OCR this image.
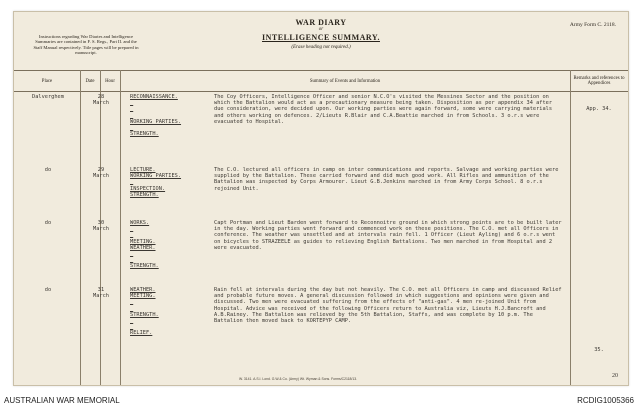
WAR DIARY
or
INTELLIGENCE SUMMARY.
(Erase heading not required.)
Army Form C. 2118.
Instructions regarding War Diaries and Intelligence Summaries are contained in F. S. Regs., Part II. and the Staff Manual respectively. Title pages will be prepared in manuscript.
Place	Date	Hour	Summary of Events and Information	Remarks and references to Appendices
Dalverghem	28 March
RECONNAISSANCE.

WORKING PARTIES.

STRENGTH.
The Coy Officers, Intelligence Officer and senior N.C.O's visited the Messines Sector and the position on which the Battalion would act as a precautionary measure being taken. Disposition as per appendix 34 after due consideration, were decided upon. Our working parties were again forward, some were carrying materials and others working on defences. 2/Lieuts R.Blair and C.A.Beattie marched in from Schools. 3 o.r.s were evacuated to Hospital.
App. 34.
do	29 March
LECTURE.
WORKING PARTIES.

INSPECTION.
STRENGTH.
The C.O. lectured all officers in camp on inter communications and reports. Salvage and working parties were supplied by the Battalion. These carried forward and did much good work. All Rifles and ammunition of the Battalion was inspected by Corps Armourer. Lieut G.B.Jenkins marched in from Army Corps School. 8 o.r.s rejoined Unit.
do	30 March
WORKS.

MEETING.
WEATHER.

STRENGTH.
Capt Portman and Lieut Barden went forward to Reconnoitre ground in which strong points are to be built later in the day. Working parties went forward and commenced work on these positions. The C.O. met all Officers in conference. The weather was unsettled and at intervals rain fell. 1 Officer (Lieut Ayling) and 6 o.r.s went on bicycles to STRAZEELE as guides to relieving English Battalions. Two men marched in from Hospital and 2 were evacuated.
do	31 March
WEATHER.
MEETING.

STRENGTH.

RELIEF.
Rain fell at intervals during the day but not heavily. The C.O. met all Officers in camp and discussed Relief and probable future moves. A general discussion followed in which suggestions and opinions were given and discussed. Two men were evacuated suffering from the effects of "anti-gas". 4 men re-joined Unit from Hospital. Advice was received of the following Officers return to Australia viz, Lieuts H.J.Bancroft and A.B.Rainey. The Battalion was relieved by the 5th Battalion, Staffs, and was complete by 10 p.m. The Battalion then moved back to KORTEPYP CAMP.
35.
W. 3141. A.S.I. Lond. G.W.& Co. (Army) Wt. Wyman & Sons. Forms/C2118/13.	20
AUSTRALIAN WAR MEMORIAL	RCDIG1005366
